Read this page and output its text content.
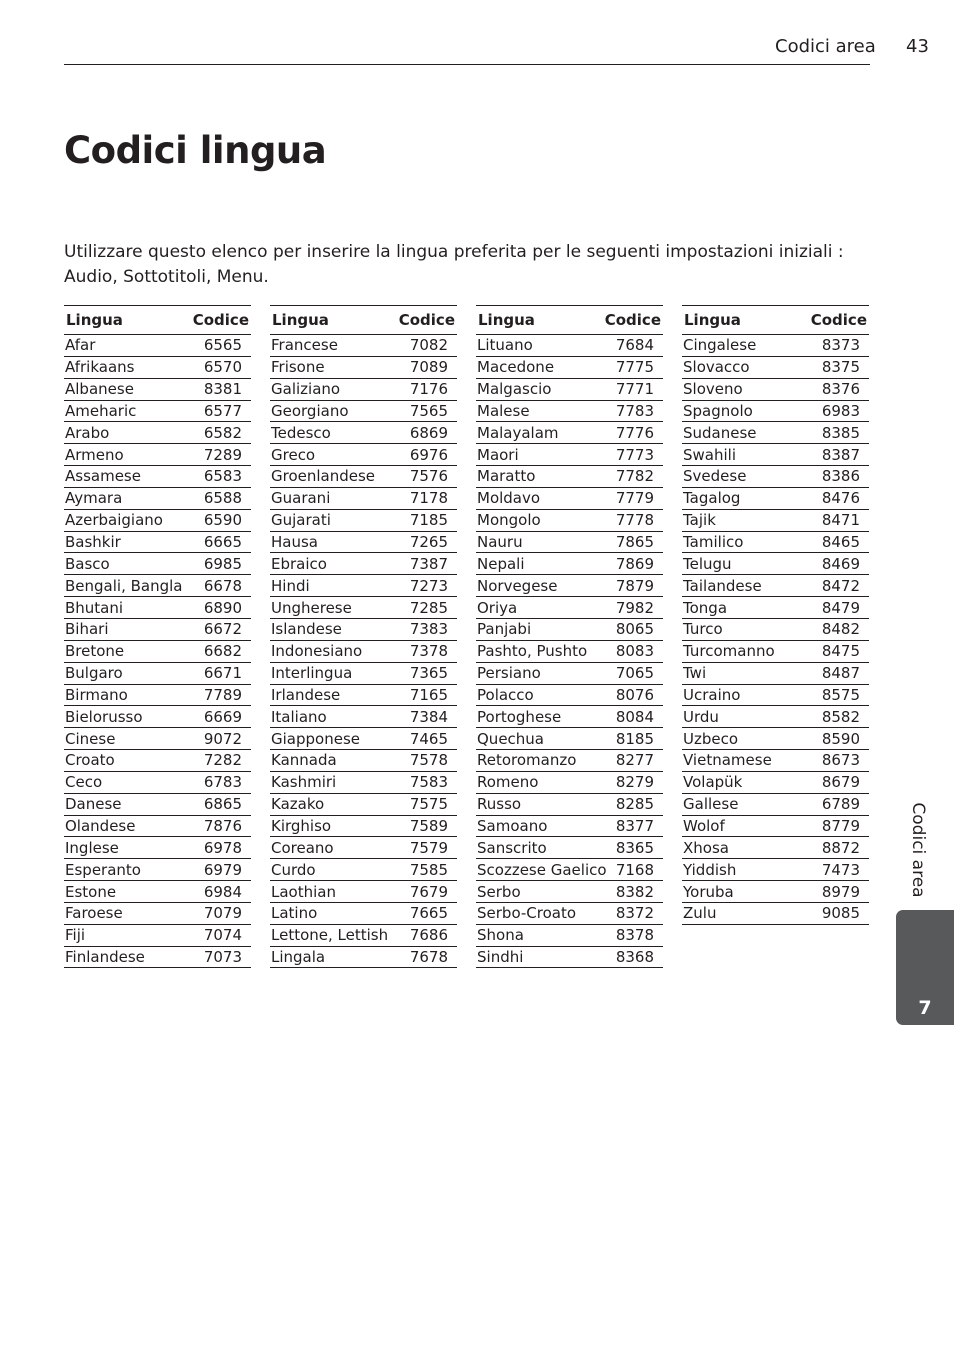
Codici area 43
Codici lingua

Utilizzare questo elenco per inserire la lingua preferita per le seguenti impostazioni iniziali : Audio, Sottotitoli, Menu.

Lingua	Codice
Afar	6565
Afrikaans	6570
Albanese	8381
Ameharic	6577
Arabo	6582
Armeno	7289
Assamese	6583
Aymara	6588
Azerbaigiano	6590
Bashkir	6665
Basco	6985
Bengali, Bangla 6678
Bhutani	6890
Bihari	6672
Bretone	6682
Bulgaro	6671
Birmano	7789
Bielorusso	6669
Cinese	9072
Croato	7282
Ceco	6783
Danese	6865
Olandese	7876
Inglese	6978
Esperanto	6979
Estone	6984
Faroese	7079
Fiji	7074
Finlandese	7073
Lingua	Codice
Francese	7082
Frisone	7089
Galiziano	7176
Georgiano	7565
Tedesco	6869
Greco	6976
Groenlandese 7576
Guarani	7178
Gujarati	7185
Hausa	7265
Ebraico	7387
Hindi	7273
Ungherese	7285
Islandese	7383
Indonesiano	7378
Interlingua	7365
Irlandese	7165
Italiano	7384
Giapponese	7465
Kannada	7578
Kashmiri	7583
Kazako	7575
Kirghiso	7589
Coreano	7579
Curdo	7585
Laothian	7679
Latino	7665
Lettone, Lettish 7686
Lingala	7678
Lingua	Codice
Lituano	7684
Macedone	7775
Malgascio	7771
Malese	7783
Malayalam	7776
Maori	7773
Maratto	7782
Moldavo	7779
Mongolo	7778
Nauru	7865
Nepali	7869
Norvegese	7879
Oriya	7982
Panjabi	8065
Pashto, Pushto 8083
Persiano	7065
Polacco	8076
Portoghese	8084
Quechua	8185
Retoromanzo	8277
Romeno	8279
Russo	8285
Samoano	8377
Sanscrito	8365
Scozzese Gaelico 7168
Serbo	8382
Serbo-Croato	8372
Shona	8378
Sindhi	8368
Lingua	Codice
Cingalese	8373
Slovacco	8375
Sloveno	8376
Spagnolo	6983
Sudanese	8385
Swahili	8387
Svedese	8386
Tagalog	8476
Tajik	8471
Tamilico	8465
Telugu	8469
Tailandese	8472
Tonga	8479
Turco	8482
Turcomanno	8475
Twi	8487
Ucraino	8575
Urdu	8582
Uzbeco	8590
Vietnamese	8673
Volapük	8679
Gallese	6789
Wolof	8779
Xhosa	8872
Yiddish	7473
Yoruba	8979
Zulu	9085
Codici area
7
